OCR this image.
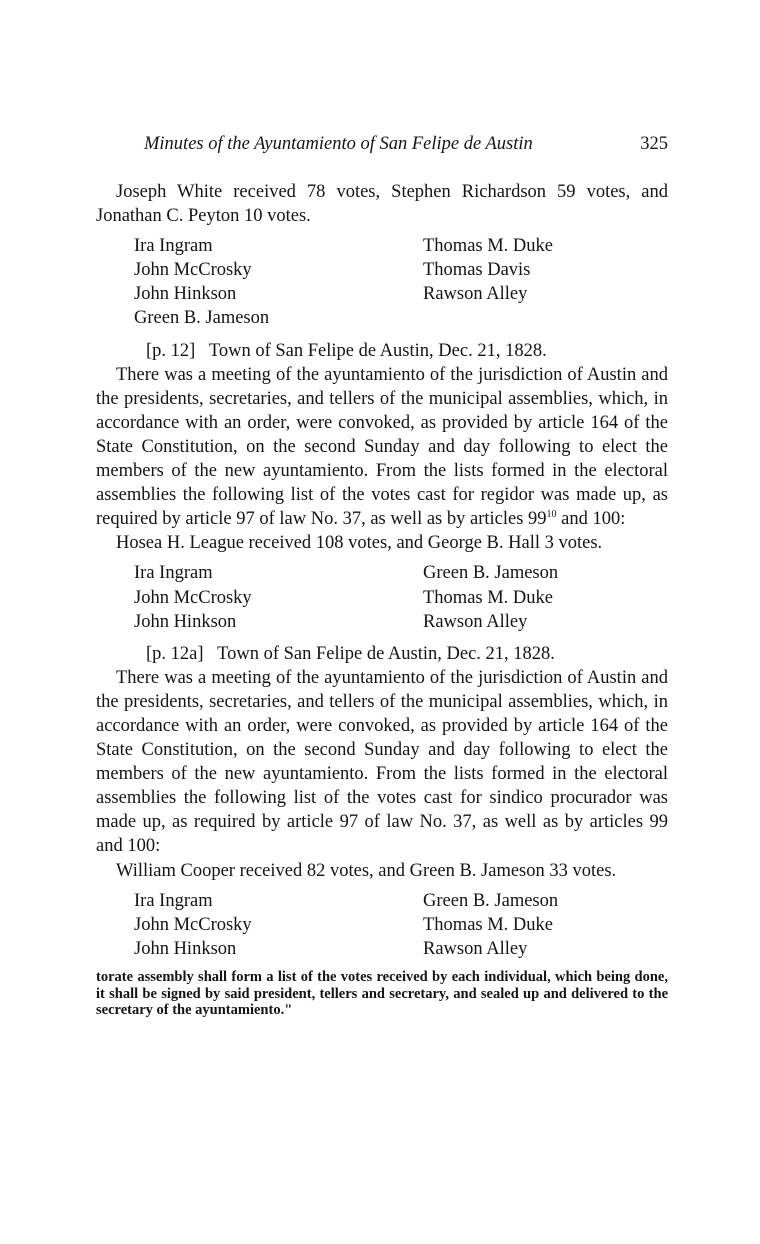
Minutes of the Ayuntamiento of San Felipe de Austin	325

Joseph White received 78 votes, Stephen Richardson 59 votes, and Jonathan C. Peyton 10 votes.

Ira Ingram	Thomas M. Duke
John McCrosky	Thomas Davis
John Hinkson	Rawson Alley
Green B. Jameson

[p. 12]   Town of San Felipe de Austin, Dec. 21, 1828.

There was a meeting of the ayuntamiento of the jurisdiction of Austin and the presidents, secretaries, and tellers of the municipal assemblies, which, in accordance with an order, were convoked, as provided by article 164 of the State Constitution, on the second Sunday and day following to elect the members of the new ayuntamiento. From the lists formed in the electoral assemblies the following list of the votes cast for regidor was made up, as required by article 97 of law No. 37, as well as by articles $99^{10}$ and 100:

Hosea H. League received 108 votes, and George B. Hall 3 votes.

Ira Ingram	Green B. Jameson
John McCrosky	Thomas M. Duke
John Hinkson	Rawson Alley

[p. 12a]   Town of San Felipe de Austin, Dec. 21, 1828.

There was a meeting of the ayuntamiento of the jurisdiction of Austin and the presidents, secretaries, and tellers of the municipal assemblies, which, in accordance with an order, were convoked, as provided by article 164 of the State Constitution, on the second Sunday and day following to elect the members of the new ayuntamiento. From the lists formed in the electoral assemblies the following list of the votes cast for sindico procurador was made up, as required by article 97 of law No. 37, as well as by articles 99 and 100:

William Cooper received 82 votes, and Green B. Jameson 33 votes.

Ira Ingram	Green B. Jameson
John McCrosky	Thomas M. Duke
John Hinkson	Rawson Alley

torate assembly shall form a list of the votes received by each individual, which being done, it shall be signed by said president, tellers and secretary, and sealed up and delivered to the secretary of the ayuntamiento."
